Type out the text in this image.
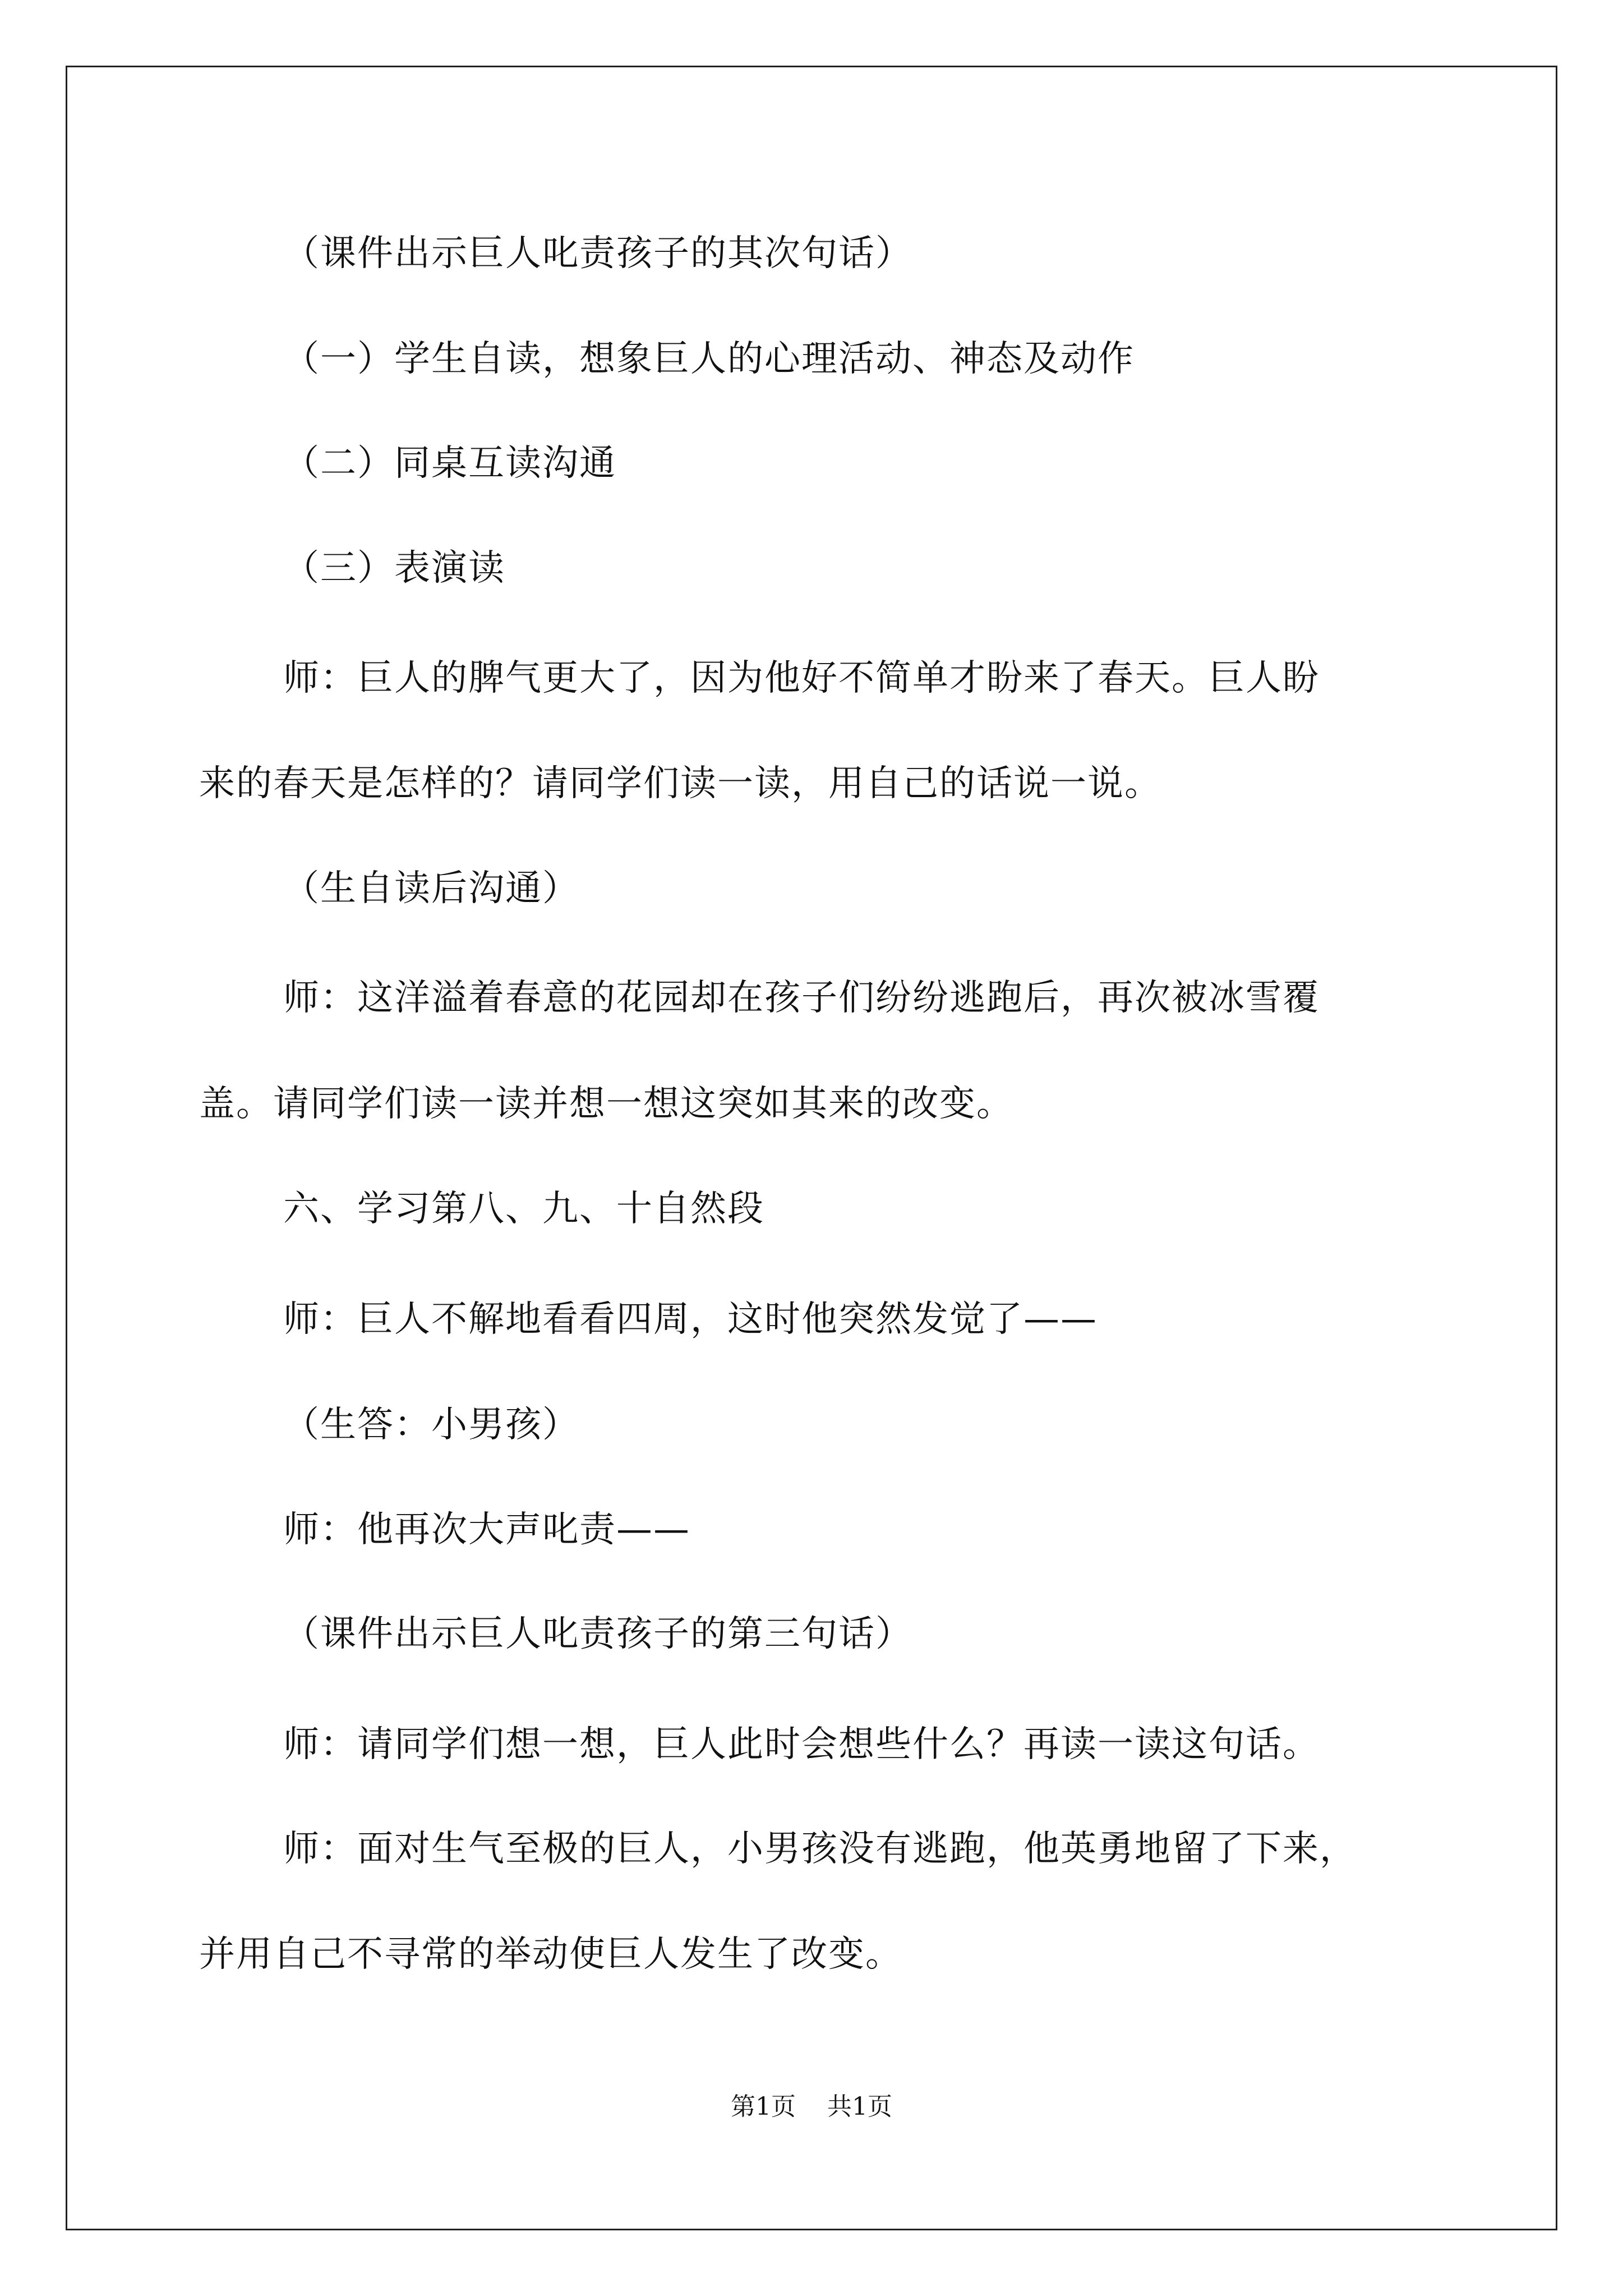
（课件出示巨人叱责孩子的其次句话）
（一）学生自读，想象巨人的心理活动、神态及动作
（二）同桌互读沟通
（三）表演读
师：巨人的脾气更大了，因为他好不简单才盼来了春天。巨人盼
来的春天是怎样的？请同学们读一读，用自己的话说一说。
（生自读后沟通）
师：这洋溢着春意的花园却在孩子们纷纷逃跑后，再次被冰雪覆
盖。请同学们读一读并想一想这突如其来的改变。
六、学习第八、九、十自然段
师：巨人不解地看看四周，这时他突然发觉了——
（生答：小男孩）
师：他再次大声叱责——
（课件出示巨人叱责孩子的第三句话）
师：请同学们想一想，巨人此时会想些什么？再读一读这句话。
师：面对生气至极的巨人，小男孩没有逃跑，他英勇地留了下来，
并用自己不寻常的举动使巨人发生了改变。
第1页 共1页
